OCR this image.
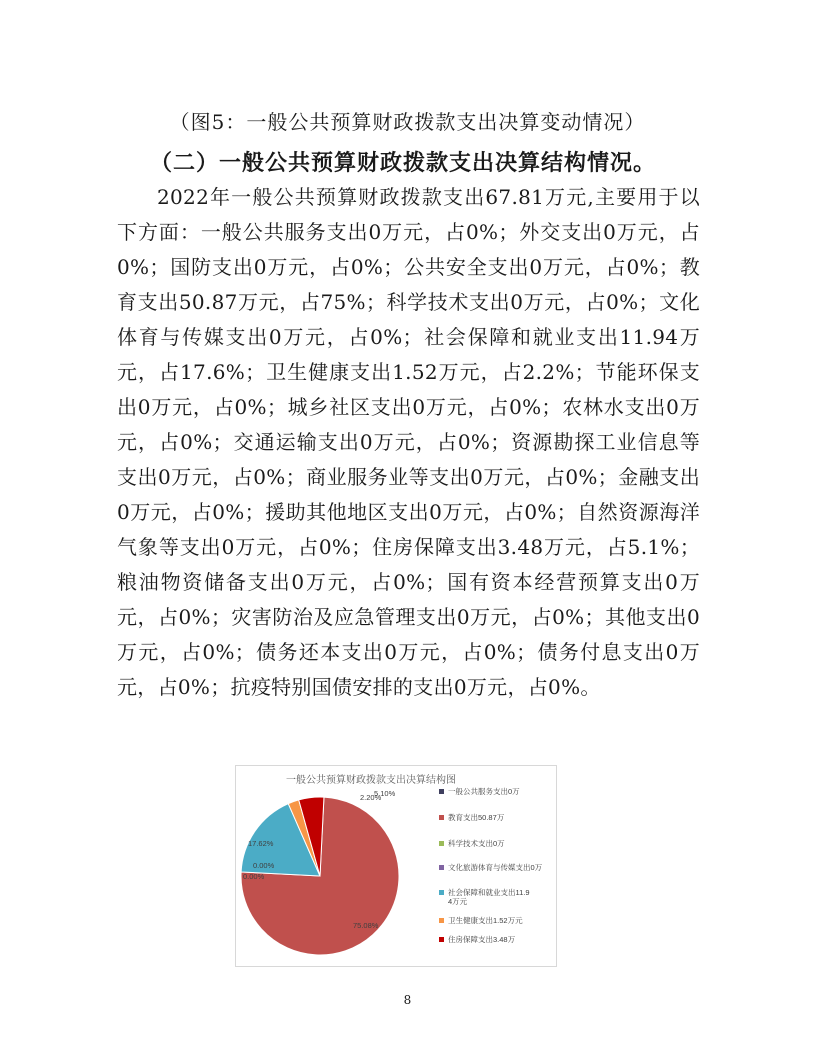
（图5：一般公共预算财政拨款支出决算变动情况）
（二）一般公共预算财政拨款支出决算结构情况。
2022年一般公共预算财政拨款支出67.81万元,主要用于以下方面：一般公共服务支出0万元，占0%；外交支出0万元，占0%；国防支出0万元，占0%；公共安全支出0万元，占0%；教育支出50.87万元，占75%；科学技术支出0万元，占0%；文化体育与传媒支出0万元，占0%；社会保障和就业支出11.94万元，占17.6%；卫生健康支出1.52万元，占2.2%；节能环保支出0万元，占0%；城乡社区支出0万元，占0%；农林水支出0万元，占0%；交通运输支出0万元，占0%；资源勘探工业信息等支出0万元，占0%；商业服务业等支出0万元，占0%；金融支出0万元，占0%；援助其他地区支出0万元，占0%；自然资源海洋气象等支出0万元，占0%；住房保障支出3.48万元，占5.1%；粮油物资储备支出0万元，占0%；国有资本经营预算支出0万元，占0%；灾害防治及应急管理支出0万元，占0%；其他支出0万元，占0%；债务还本支出0万元，占0%；债务付息支出0万元，占0%；抗疫特别国债安排的支出0万元，占0%。
一般公共预算财政拨款支出决算结构图
75.08%
0.00%
0.00%
17.62%
2.20%
5.10%	一般公共服务支出0万
教育支出50.87万
科学技术支出0万
文化旅游体育与传媒支出0万
社会保障和就业支出11.9 4万元
卫生健康支出1.52万元
住房保障支出3.48万
8
